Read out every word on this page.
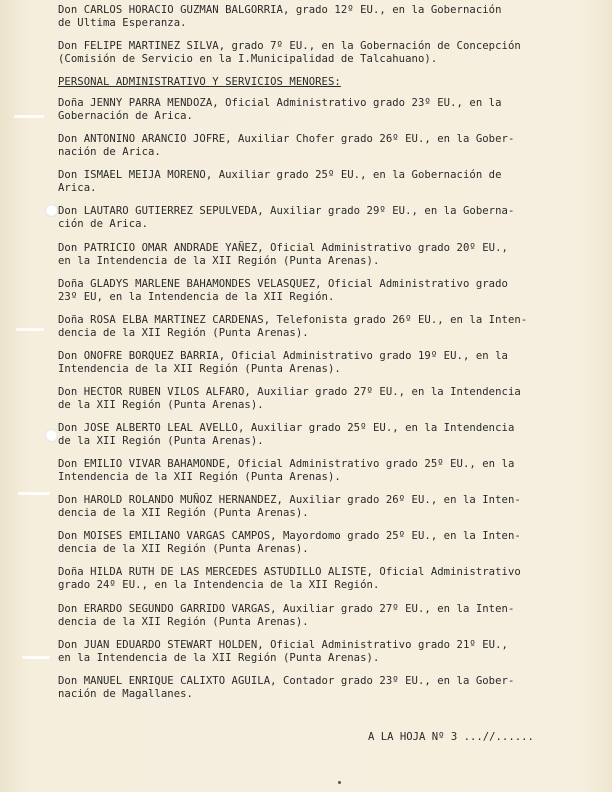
Don CARLOS HORACIO GUZMAN BALGORRIA, grado 12º EU., en la Gobernación
de Ultima Esperanza.

Don FELIPE MARTINEZ SILVA, grado 7º EU., en la Gobernación de Concepción
(Comisión de Servicio en la I.Municipalidad de Talcahuano).

PERSONAL ADMINISTRATIVO Y SERVICIOS MENORES:

Doña JENNY PARRA MENDOZA, Oficial Administrativo grado 23º EU., en la
Gobernación de Arica.

Don ANTONINO ARANCIO JOFRE, Auxiliar Chofer grado 26º EU., en la Gober-
nación de Arica.

Don ISMAEL MEIJA MORENO, Auxiliar grado 25º EU., en la Gobernación de
Arica.

Don LAUTARO GUTIERREZ SEPULVEDA, Auxiliar grado 29º EU., en la Goberna-
ción de Arica.

Don PATRICIO OMAR ANDRADE YAÑEZ, Oficial Administrativo grado 20º EU.,
en la Intendencia de la XII Región (Punta Arenas).

Doña GLADYS MARLENE BAHAMONDES VELASQUEZ, Oficial Administrativo grado
23º EU, en la Intendencia de la XII Región.

Doña ROSA ELBA MARTINEZ CARDENAS, Telefonista grado 26º EU., en la Inten-
dencia de la XII Región (Punta Arenas).

Don ONOFRE BORQUEZ BARRIA, Oficial Administrativo grado 19º EU., en la
Intendencia de la XII Región (Punta Arenas).

Don HECTOR RUBEN VILOS ALFARO, Auxiliar grado 27º EU., en la Intendencia
de la XII Región (Punta Arenas).

Don JOSE ALBERTO LEAL AVELLO, Auxiliar grado 25º EU., en la Intendencia
de la XII Región (Punta Arenas).

Don EMILIO VIVAR BAHAMONDE, Oficial Administrativo grado 25º EU., en la
Intendencia de la XII Región (Punta Arenas).

Don HAROLD ROLANDO MUÑOZ HERNANDEZ, Auxiliar grado 26º EU., en la Inten-
dencia de la XII Región (Punta Arenas).

Don MOISES EMILIANO VARGAS CAMPOS, Mayordomo grado 25º EU., en la Inten-
dencia de la XII Región (Punta Arenas).

Doña HILDA RUTH DE LAS MERCEDES ASTUDILLO ALISTE, Oficial Administrativo
grado 24º EU., en la Intendencia de la XII Región.

Don ERARDO SEGUNDO GARRIDO VARGAS, Auxiliar grado 27º EU., en la Inten-
dencia de la XII Región (Punta Arenas).

Don JUAN EDUARDO STEWART HOLDEN, Oficial Administrativo grado 21º EU.,
en la Intendencia de la XII Región (Punta Arenas).

Don MANUEL ENRIQUE CALIXTO AGUILA, Contador grado 23º EU., en la Gober-
nación de Magallanes.

A LA HOJA Nº 3 ...//......
